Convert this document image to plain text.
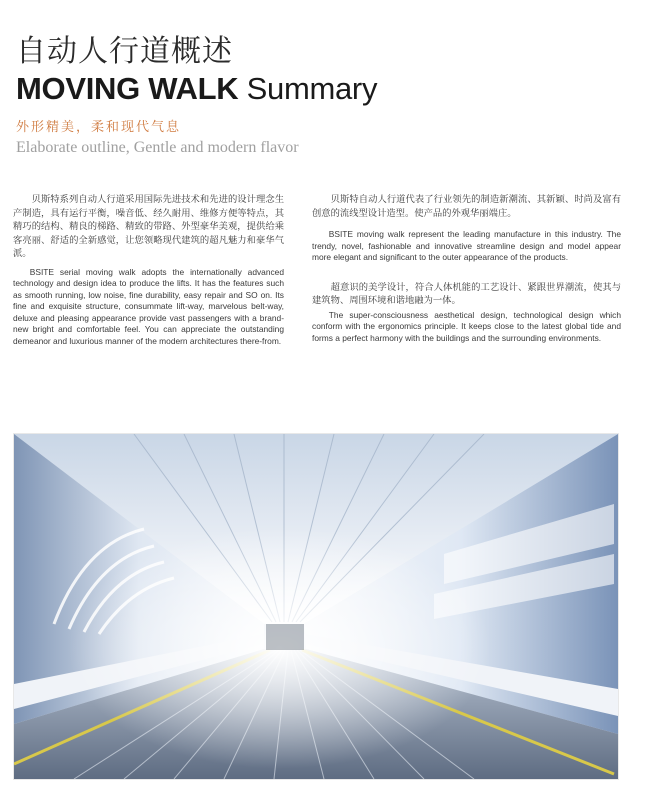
自动人行道概述
MOVING WALK Summary
外形精美，柔和现代气息
Elaborate outline, Gentle and modern flavor

贝斯特系列自动人行道采用国际先进技术和先进的设计理念生产制造，具有运行平衡，噪音低、经久耐用、维修方便等特点，其精巧的结构、精良的梯路、精致的带路、外型豪华美观，提供给乘客亮丽、舒适的全新感觉，让您领略现代建筑的超凡魅力和豪华气派。

BSITE serial moving walk adopts the internationally advanced technology and design idea to produce the lifts. It has the features such as smooth running, low noise, fine durability, easy repair and SO on. Its fine and exquisite structure, consummate lift-way, marvelous belt-way, deluxe and pleasing appearance provide vast passengers with a brand-new bright and comfortable feel. You can appreciate the outstanding demeanor and luxurious manner of the modern architectures there-from.

贝斯特自动人行道代表了行业领先的制造新潮流、其新颖、时尚及富有创意的流线型设计造型。使产品的外观华丽端庄。

BSITE moving walk represent the leading manufacture in this industry. The trendy, novel, fashionable and innovative streamline design and model appear more elegant and significant to the outer appearance of the products.

超意识的美学设计，符合人体机能的工艺设计、紧跟世界潮流，使其与建筑物、周围环境和谐地融为一体。

The super-consciousness aesthetical design, technological design which conform with the ergonomics principle. It keeps close to the latest global tide and forms a perfect harmony with the buildings and the surrounding environments.
